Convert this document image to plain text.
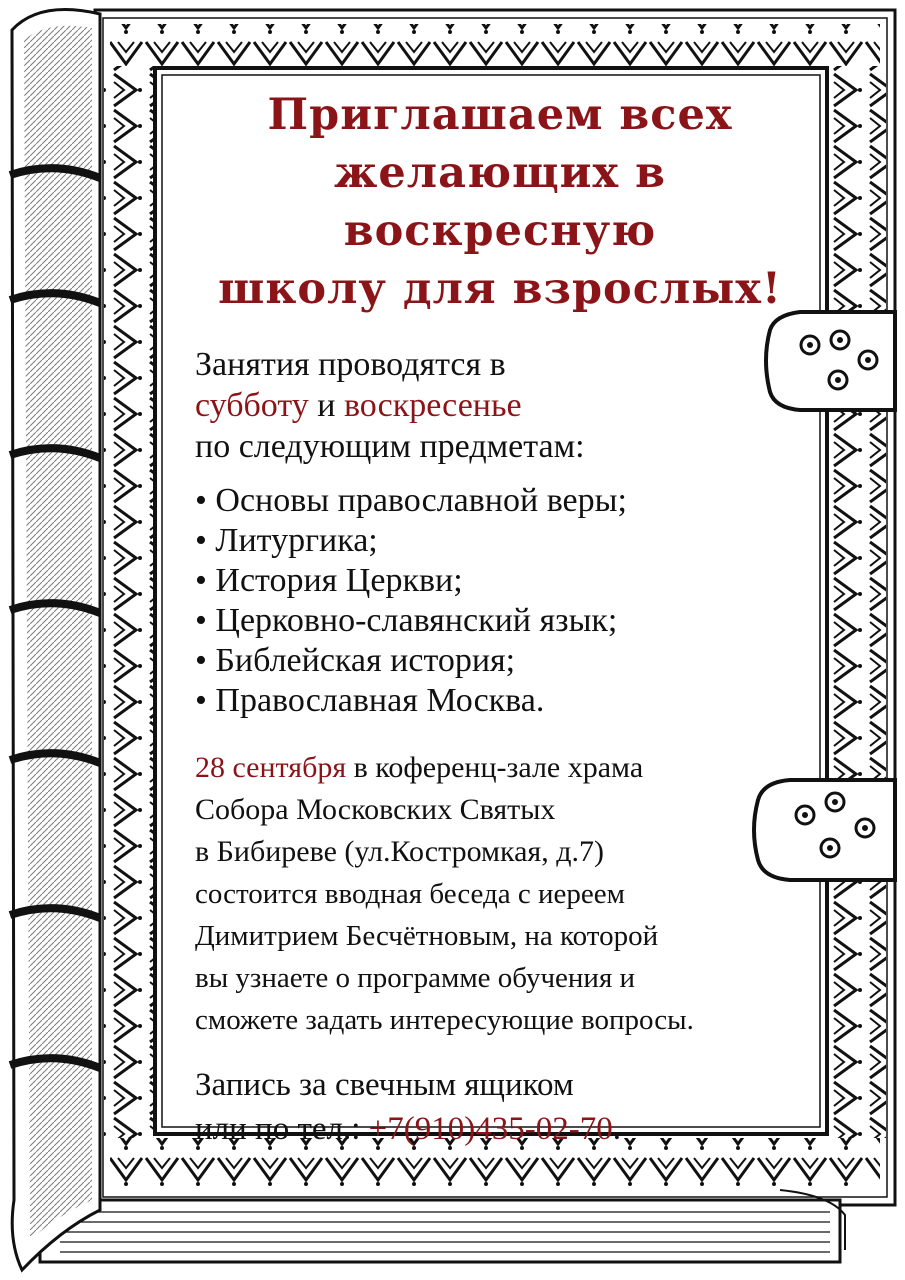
Приглашаем всех
желающих в воскресную
школу для взрослых!
Занятия проводятся в
субботу и воскресенье
по следующим предметам:
• Основы православной веры;
• Литургика;
• История Церкви;
• Церковно-славянский язык;
• Библейская история;
• Православная Москва.
28 сентября в коференц-зале храма
Собора Московских Святых
в Бибиреве (ул.Костромкая, д.7)
состоится вводная беседа с иереем
Димитрием Бесчётновым, на которой
вы узнаете о программе обучения и
сможете задать интересующие вопросы.
Запись за свечным ящиком
или по тел.: +7(910)435-02-70.
